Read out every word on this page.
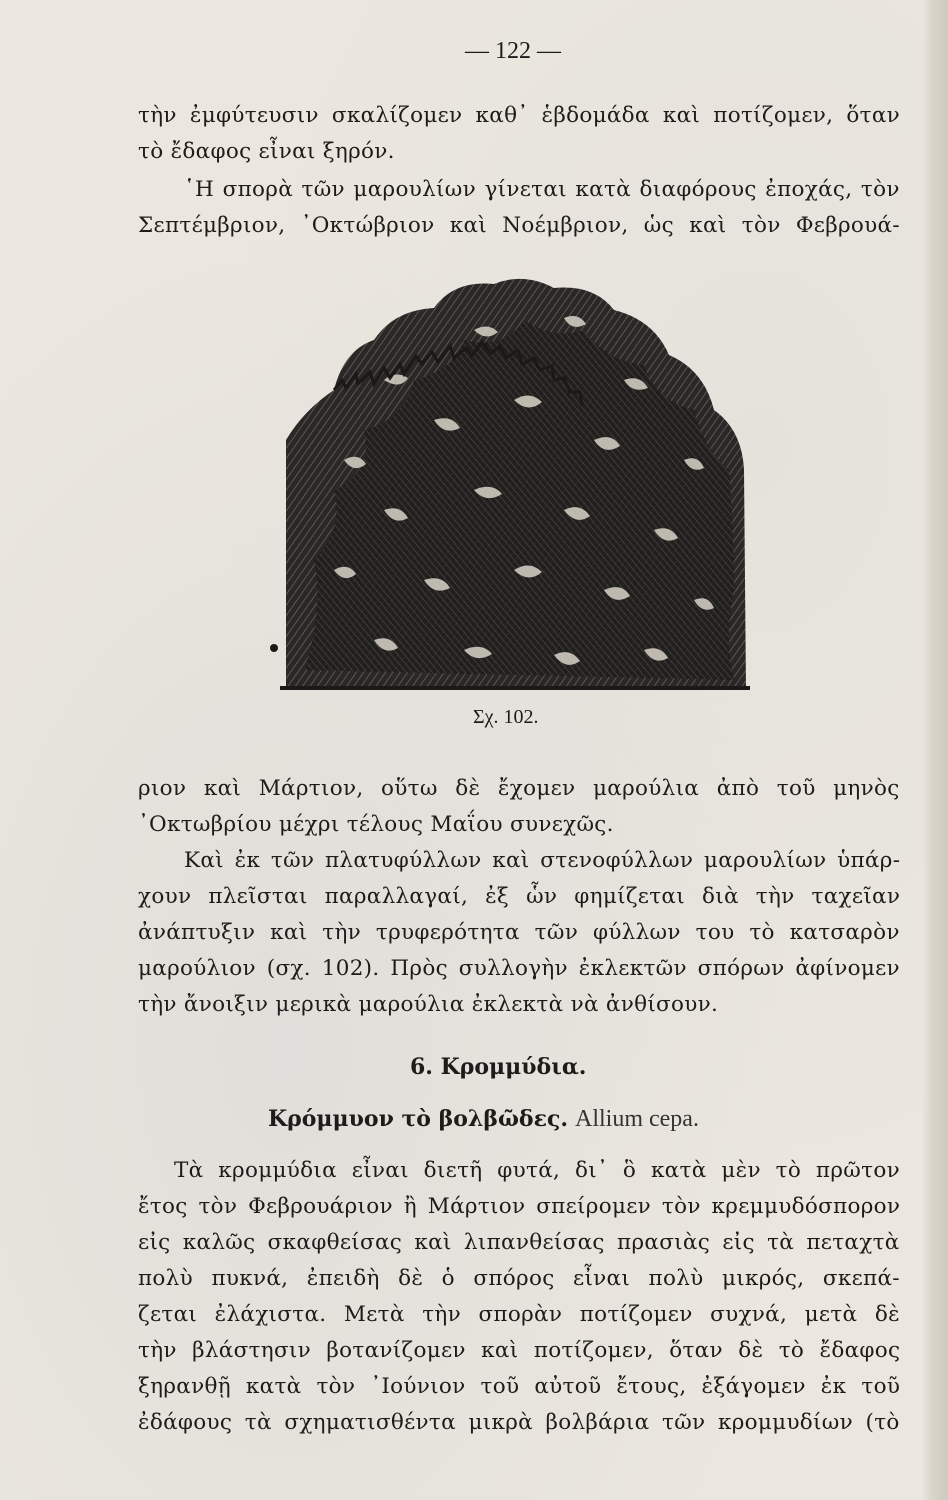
— 122 —
τὴν ἐμφύτευσιν σκαλίζομεν καθ᾽ ἑβδομάδα καὶ ποτίζομεν, ὅταν
τὸ ἔδαφος εἶναι ξηρόν.
῾Η σπορὰ τῶν μαρουλίων γίνεται κατὰ διαφόρους ἐποχάς, τὸν
Σεπτέμβριον, ᾽Οκτώβριον καὶ Νοέμβριον, ὡς καὶ τὸν Φεβρουά-
Σχ. 102.
ριον καὶ Μάρτιον, οὕτω δὲ ἔχομεν μαρούλια ἀπὸ τοῦ μηνὸς
᾽Οκτωβρίου μέχρι τέλους Μαΐου συνεχῶς.
Καὶ ἐκ τῶν πλατυφύλλων καὶ στενοφύλλων μαρουλίων ὑπάρ-
χουν πλεῖσται παραλλαγαί, ἐξ ὧν φημίζεται διὰ τὴν ταχεῖαν
ἀνάπτυξιν καὶ τὴν τρυφερότητα τῶν φύλλων του τὸ κατσαρὸν
μαρούλιον (σχ. 102). Πρὸς συλλογὴν ἐκλεκτῶν σπόρων ἀφίνομεν
τὴν ἄνοιξιν μερικὰ μαρούλια ἐκλεκτὰ νὰ ἀνθίσουν.
6. Κρομμύδια.
Κρόμμυον τὸ βολβῶδες. Allium cepa.
Τὰ κρομμύδια εἶναι διετῆ φυτά, δι᾽ ὃ κατὰ μὲν τὸ πρῶτον
ἔτος τὸν Φεβρουάριον ἢ Μάρτιον σπείρομεν τὸν κρεμμυδόσπορον
εἰς καλῶς σκαφθείσας καὶ λιπανθείσας πρασιὰς εἰς τὰ πεταχτὰ
πολὺ πυκνά, ἐπειδὴ δὲ ὁ σπόρος εἶναι πολὺ μικρός, σκεπά-
ζεται ἐλάχιστα. Μετὰ τὴν σπορὰν ποτίζομεν συχνά, μετὰ δὲ
τὴν βλάστησιν βοτανίζομεν καὶ ποτίζομεν, ὅταν δὲ τὸ ἔδαφος
ξηρανθῇ κατὰ τὸν ᾽Ιούνιον τοῦ αὐτοῦ ἔτους, ἐξάγομεν ἐκ τοῦ
ἐδάφους τὰ σχηματισθέντα μικρὰ βολβάρια τῶν κρομμυδίων (τὸ
